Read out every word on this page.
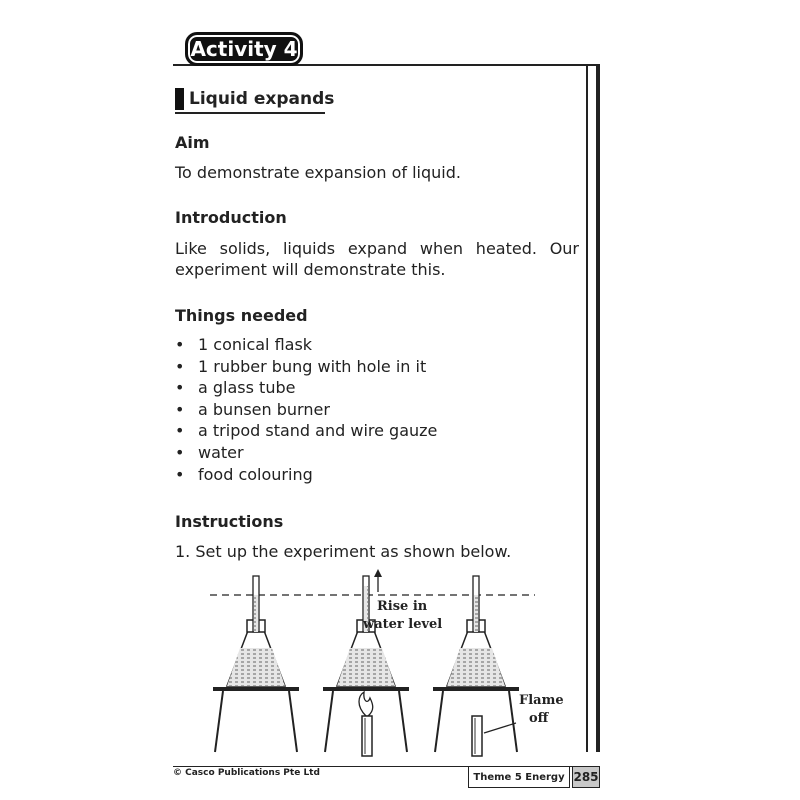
Activity 4
Liquid expands
Aim
To demonstrate expansion of liquid.
Introduction
Like solids, liquids expand when heated. Our
experiment will demonstrate this.
Things needed
• 1 conical flask
• 1 rubber bung with hole in it
• a glass tube
• a bunsen burner
• a tripod stand and wire gauze
• water
• food colouring
Instructions
1. Set up the experiment as shown below.
Rise in
water level
Flame
off
© Casco Publications Pte Ltd	Theme 5 Energy 285
